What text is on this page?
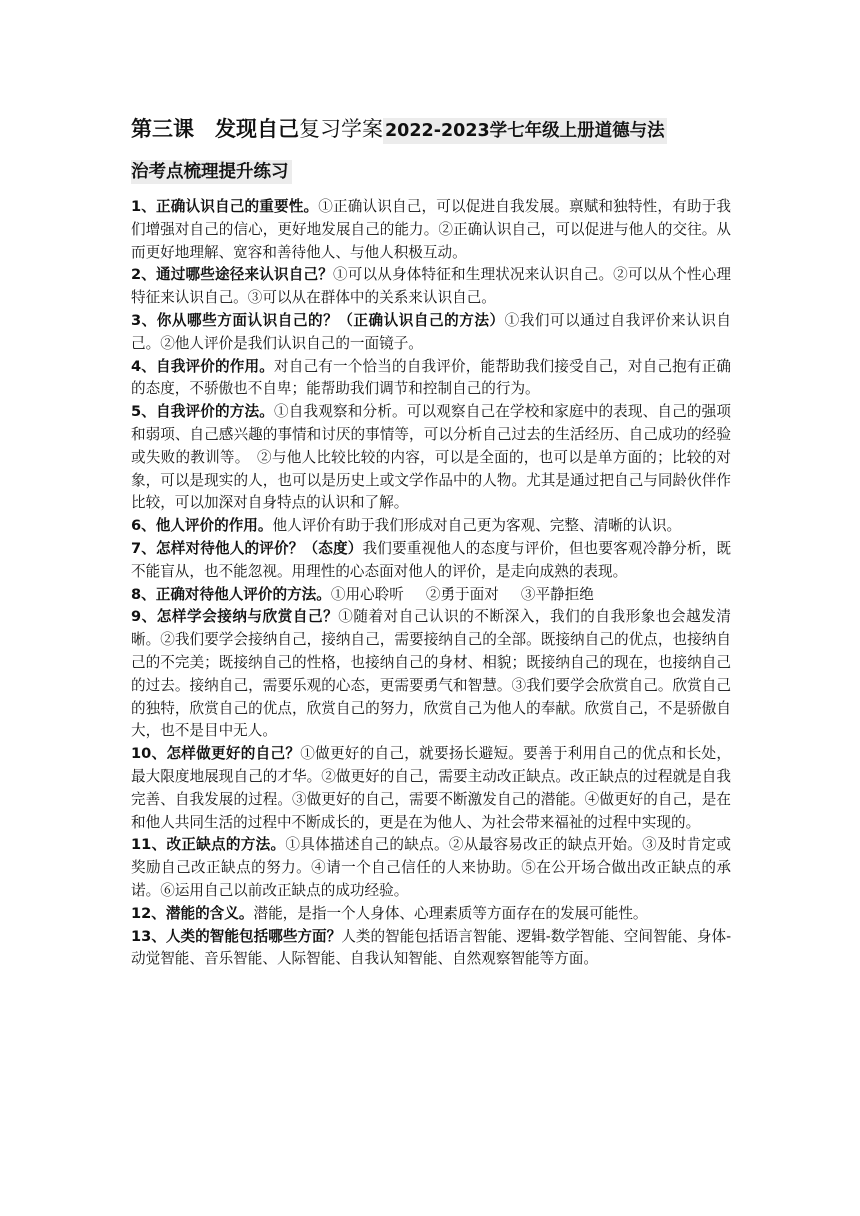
第三课　发现自己复习学案 2022-2023学七年级上册道德与法
治考点梳理提升练习

1、正确认识自己的重要性。①正确认识自己，可以促进自我发展。禀赋和独特性，有助于我们增强对自己的信心，更好地发展自己的能力。②正确认识自己，可以促进与他人的交往。从而更好地理解、宽容和善待他人、与他人积极互动。

2、通过哪些途径来认识自己？①可以从身体特征和生理状况来认识自己。②可以从个性心理特征来认识自己。③可以从在群体中的关系来认识自己。

3、你从哪些方面认识自己的？（正确认识自己的方法）①我们可以通过自我评价来认识自己。②他人评价是我们认识自己的一面镜子。

4、自我评价的作用。对自己有一个恰当的自我评价，能帮助我们接受自己，对自己抱有正确的态度，不骄傲也不自卑；能帮助我们调节和控制自己的行为。

5、自我评价的方法。①自我观察和分析。可以观察自己在学校和家庭中的表现、自己的强项和弱项、自己感兴趣的事情和讨厌的事情等，可以分析自己过去的生活经历、自己成功的经验或失败的教训等。　②与他人比较比较的内容，可以是全面的，也可以是单方面的；比较的对象，可以是现实的人，也可以是历史上或文学作品中的人物。尤其是通过把自己与同龄伙伴作比较，可以加深对自身特点的认识和了解。

6、他人评价的作用。他人评价有助于我们形成对自己更为客观、完整、清晰的认识。

7、怎样对待他人的评价？（态度）我们要重视他人的态度与评价，但也要客观冷静分析，既不能盲从，也不能忽视。用理性的心态面对他人的评价，是走向成熟的表现。

8、正确对待他人评价的方法。①用心聆听 ②勇于面对 ③平静拒绝

9、怎样学会接纳与欣赏自己？①随着对自己认识的不断深入，我们的自我形象也会越发清晰。②我们要学会接纳自己，接纳自己，需要接纳自己的全部。既接纳自己的优点，也接纳自己的不完美；既接纳自己的性格，也接纳自己的身材、相貌；既接纳自己的现在，也接纳自己的过去。接纳自己，需要乐观的心态，更需要勇气和智慧。③我们要学会欣赏自己。欣赏自己的独特，欣赏自己的优点，欣赏自己的努力，欣赏自己为他人的奉献。欣赏自己，不是骄傲自大，也不是目中无人。

10、怎样做更好的自己？①做更好的自己，就要扬长避短。要善于利用自己的优点和长处，最大限度地展现自己的才华。②做更好的自己，需要主动改正缺点。改正缺点的过程就是自我完善、自我发展的过程。③做更好的自己，需要不断激发自己的潜能。④做更好的自己，是在和他人共同生活的过程中不断成长的，更是在为他人、为社会带来福祉的过程中实现的。

11、改正缺点的方法。①具体描述自己的缺点。②从最容易改正的缺点开始。③及时肯定或奖励自己改正缺点的努力。④请一个自己信任的人来协助。⑤在公开场合做出改正缺点的承诺。⑥运用自己以前改正缺点的成功经验。

12、潜能的含义。潜能，是指一个人身体、心理素质等方面存在的发展可能性。

13、人类的智能包括哪些方面？人类的智能包括语言智能、逻辑-数学智能、空间智能、身体-动觉智能、音乐智能、人际智能、自我认知智能、自然观察智能等方面。
